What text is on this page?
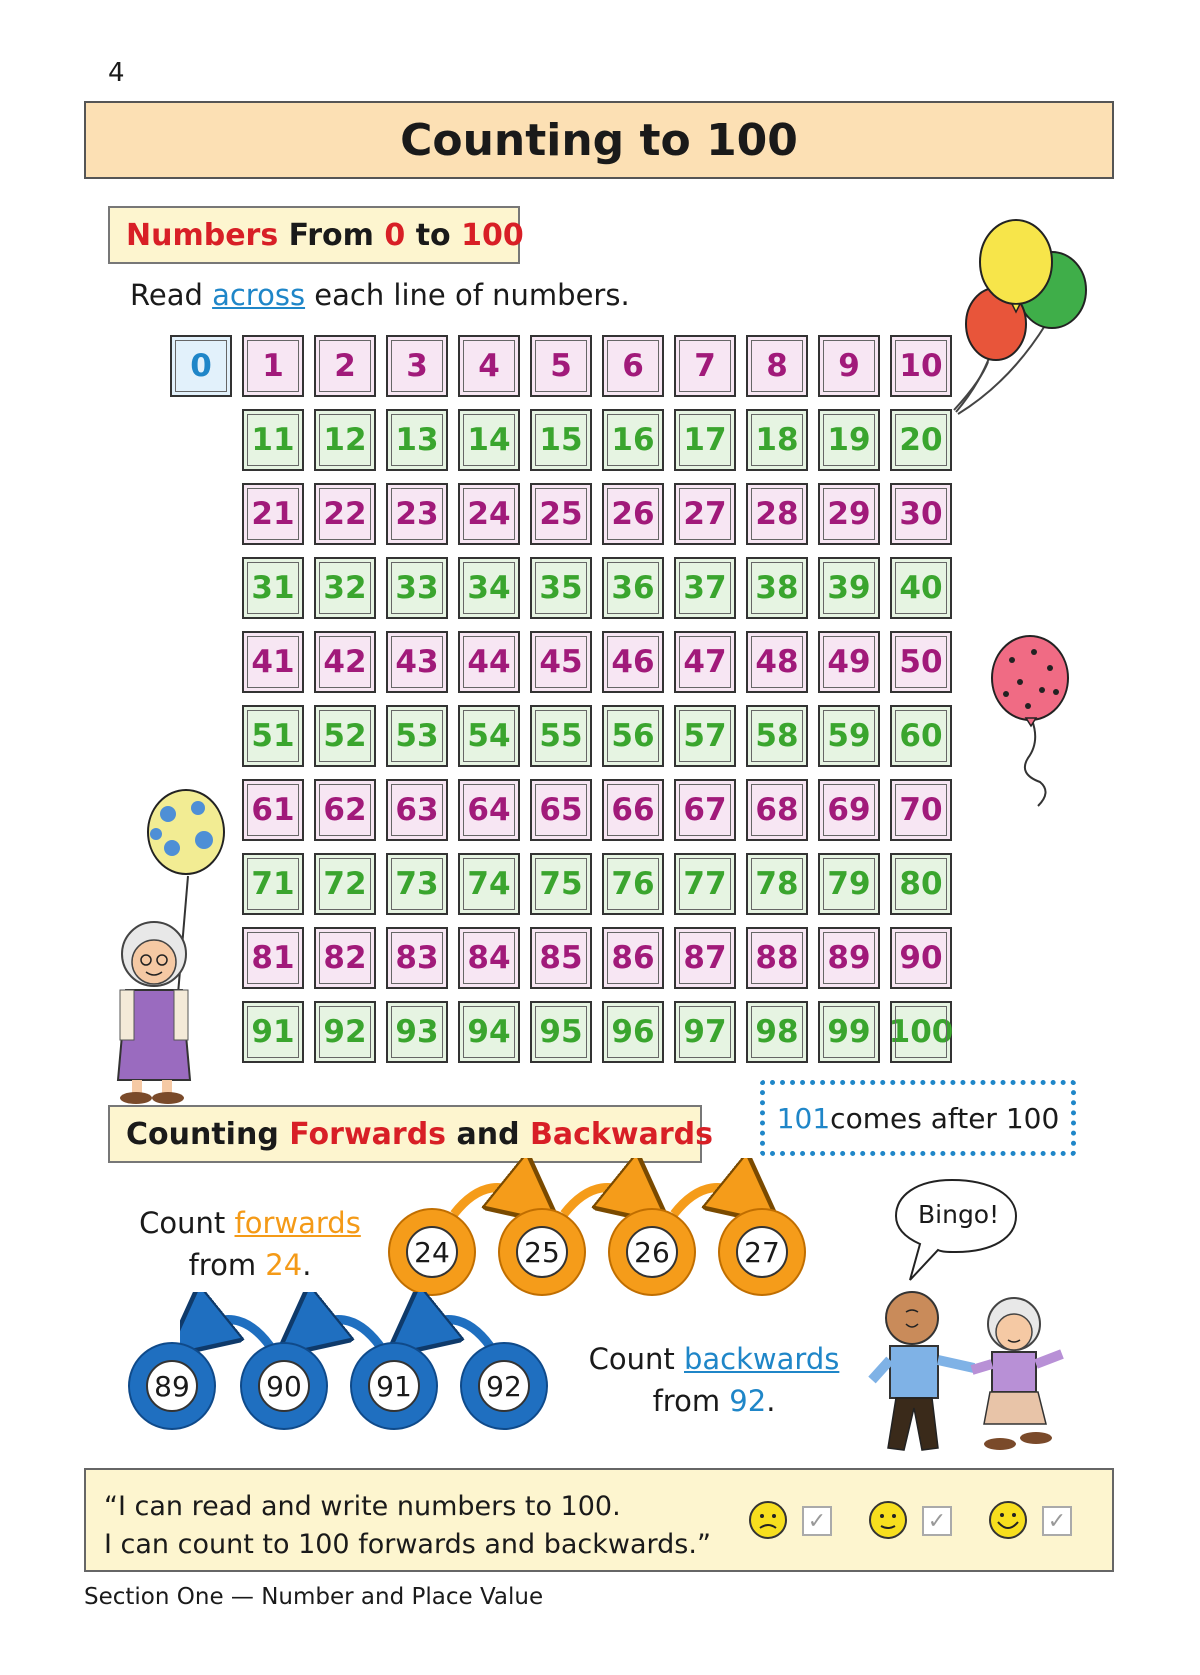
4
Counting to 100
Numbers
From
0
to
100
Read across each line of numbers.
0	1	2	3	4	5	6	7	8	9	10
11 12 13 14 15 16 17 18 19 20
21 22 23 24 25 26 27 28 29 30
31 32 33 34 35 36 37 38 39 40
41 42 43 44 45 46 47 48 49 50
51 52 53 54 55 56 57 58 59 60
61 62 63 64 65 66 67 68 69 70
71 72 73 74 75 76 77 78 79 80
81 82 83 84 85 86 87 88 89 90
91 92 93 94 95 96 97 98 99 100
101 comes after 100
Counting
Forwards
and
Backwards
Count forwards
from 24.	24	25	26	27
89	90	91	92
Count backwards
from 92.
Bingo!
“I can read and write numbers to 100.
I can count to 100 forwards and backwards.”
✓	✓	✓
Section One — Number and Place Value
